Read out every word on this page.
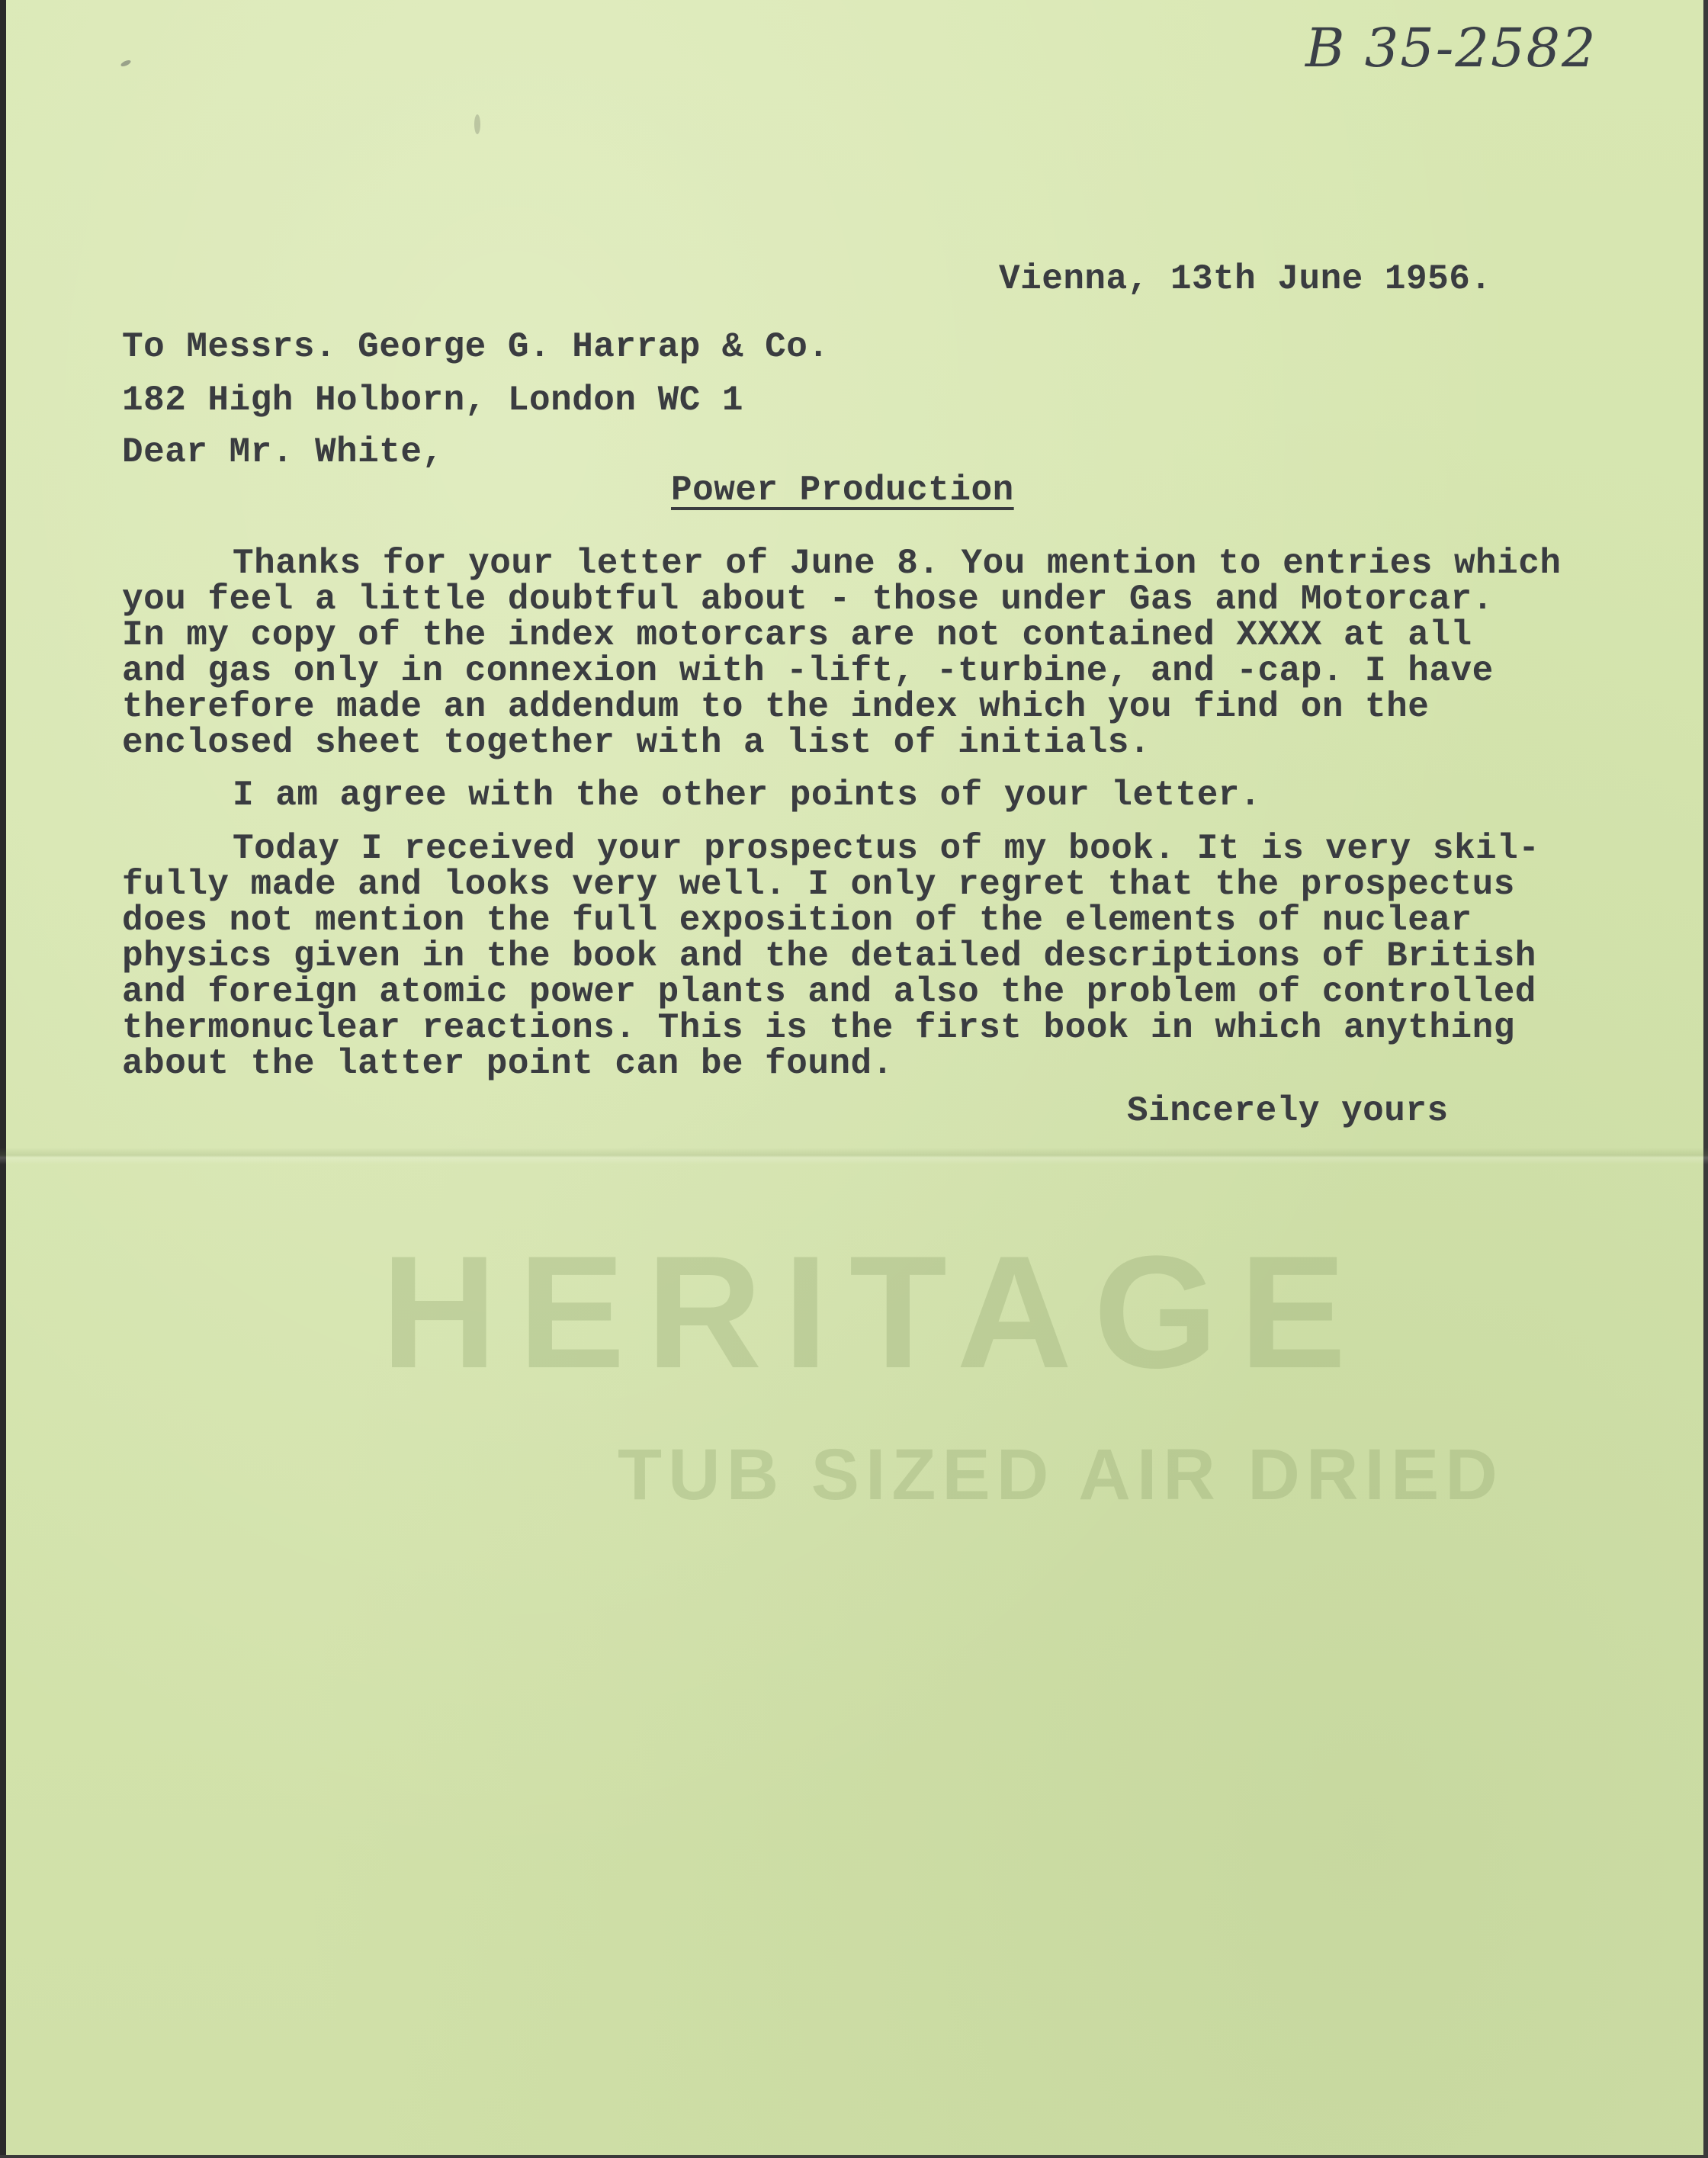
HERITAGE
TUB SIZED AIR DRIED
B 35-2582
Vienna, 13th June 1956.
To Messrs. George G. Harrap & Co.
182 High Holborn, London WC 1
Dear Mr. White,
Power Production
Thanks for your letter of June 8. You mention to entries which
you feel a little doubtful about - those under Gas and Motorcar.
In my copy of the index motorcars are not contained XXXX at all
and gas only in connexion with -lift, -turbine, and -cap. I have
therefore made an addendum to the index which you find on the
enclosed sheet together with a list of initials.
I am agree with the other points of your letter.
Today I received your prospectus of my book. It is very skil-
fully made and looks very well. I only regret that the prospectus
does not mention the full exposition of the elements of nuclear
physics given in the book and the detailed descriptions of British
and foreign atomic power plants and also the problem of controlled
thermonuclear reactions. This is the first book in which anything
about the latter point can be found.
Sincerely yours
